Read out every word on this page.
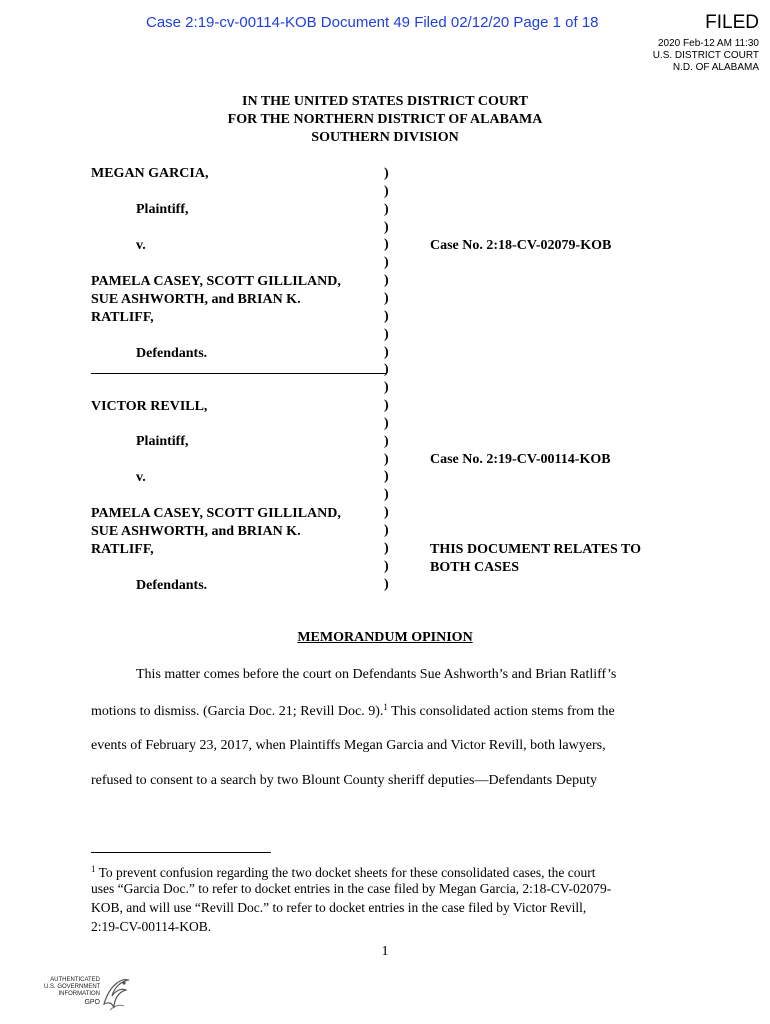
Case 2:19-cv-00114-KOB Document 49 Filed 02/12/20 Page 1 of 18	FILED
2020 Feb-12 AM 11:30
U.S. DISTRICT COURT
N.D. OF ALABAMA
IN THE UNITED STATES DISTRICT COURT
FOR THE NORTHERN DISTRICT OF ALABAMA
SOUTHERN DIVISION
MEGAN GARCIA,
Plaintiff,
v.
PAMELA CASEY, SCOTT GILLILAND,
SUE ASHWORTH, and BRIAN K.
RATLIFF,
Defendants.
Case No. 2:18-CV-02079-KOB
VICTOR REVILL,
Plaintiff,
v.
PAMELA CASEY, SCOTT GILLILAND,
SUE ASHWORTH, and BRIAN K.
RATLIFF,
Defendants.
Case No. 2:19-CV-00114-KOB
THIS DOCUMENT RELATES TO
BOTH CASES
)
)
)
)
)
)
)
)
)
)
)
)
)
)
)
)
)
)
)
)
)
)
)
)
MEMORANDUM OPINION
This matter comes before the court on Defendants Sue Ashworth’s and Brian Ratliff’s
motions to dismiss. (Garcia Doc. 21; Revill Doc. 9).$^1$ This consolidated action stems from the
events of February 23, 2017, when Plaintiffs Megan Garcia and Victor Revill, both lawyers,
refused to consent to a search by two Blount County sheriff deputies—Defendants Deputy
$^1$ To prevent confusion regarding the two docket sheets for these consolidated cases, the court
uses “Garcia Doc.” to refer to docket entries in the case filed by Megan Garcia, 2:18-CV-02079-
KOB, and will use “Revill Doc.” to refer to docket entries in the case filed by Victor Revill,
2:19-CV-00114-KOB.
1
AUTHENTICATED
U.S. GOVERNMENT
INFORMATION
GPO
